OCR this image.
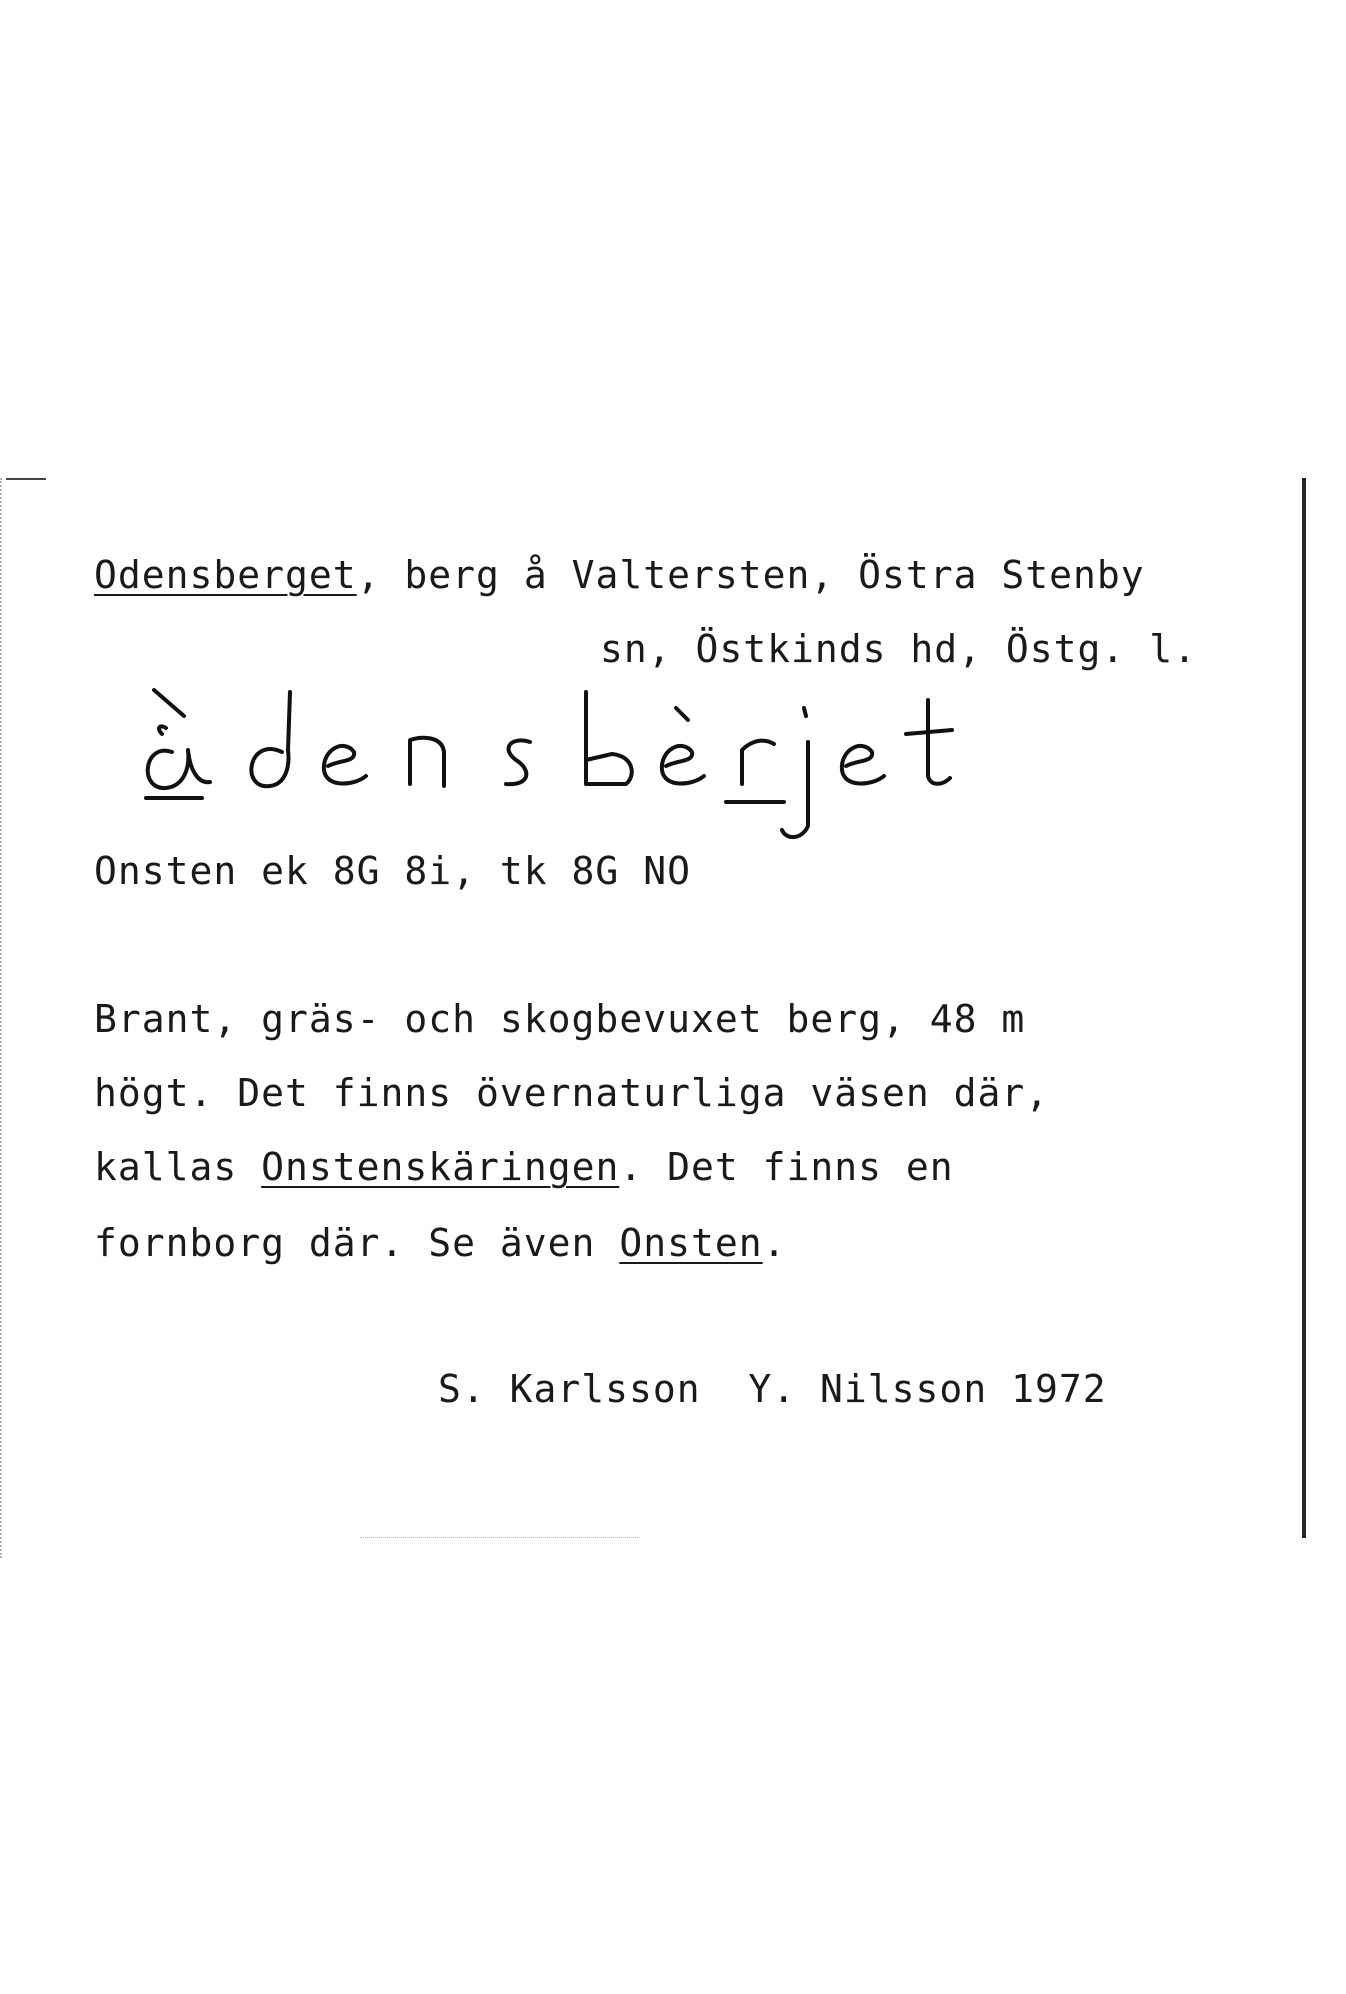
Odensberget, berg å Valtersten, Östra Stenby
sn, Östkinds hd, Östg. l.
Onsten ek 8G 8i, tk 8G NO
Brant, gräs- och skogbevuxet berg, 48 m
högt. Det finns övernaturliga väsen där,
kallas Onstenskäringen. Det finns en
fornborg där. Se även Onsten.
S. Karlsson  Y. Nilsson 1972
